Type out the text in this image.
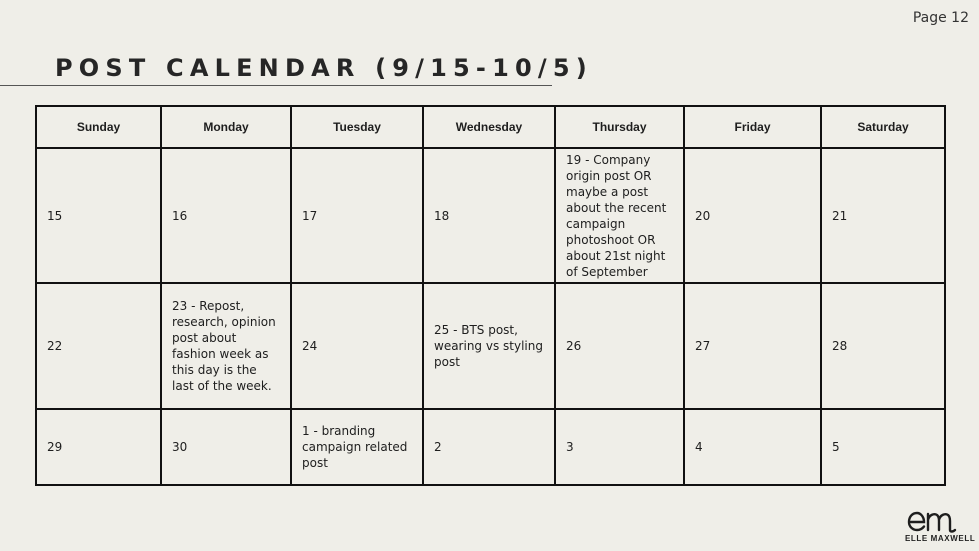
Page 12
POST CALENDAR (9/15-10/5)
Sunday	Monday	Tuesday	Wednesday	Thursday	Friday	Saturday
15	16	17	18	19 - Company origin post OR maybe a post about the recent campaign photoshoot OR about 21st night of September	20	21
22	23 - Repost, research, opinion post about fashion week as this day is the last of the week.	24	25 - BTS post, wearing vs styling post	26	27	28
29	30	1 - branding campaign related post	2	3	4	5
ELLE MAXWELL
